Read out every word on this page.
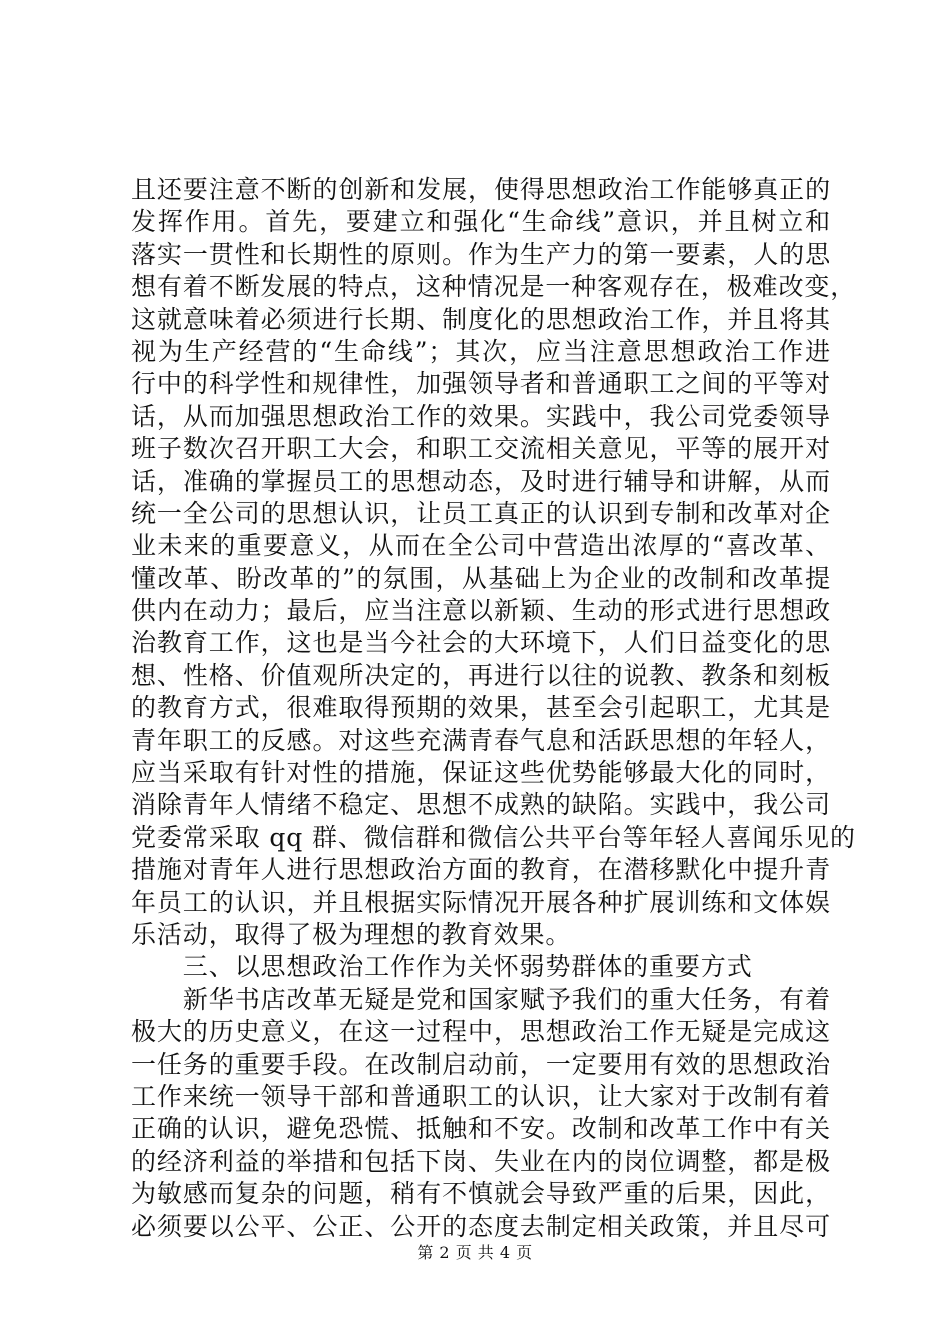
且还要注意不断的创新和发展，使得思想政治工作能够真正的
发挥作用。首先，要建立和强化“生命线”意识，并且树立和
落实一贯性和长期性的原则。作为生产力的第一要素，人的思
想有着不断发展的特点，这种情况是一种客观存在，极难改变，
这就意味着必须进行长期、制度化的思想政治工作，并且将其
视为生产经营的“生命线”；其次，应当注意思想政治工作进
行中的科学性和规律性，加强领导者和普通职工之间的平等对
话，从而加强思想政治工作的效果。实践中，我公司党委领导
班子数次召开职工大会，和职工交流相关意见，平等的展开对
话，准确的掌握员工的思想动态，及时进行辅导和讲解，从而
统一全公司的思想认识，让员工真正的认识到专制和改革对企
业未来的重要意义，从而在全公司中营造出浓厚的“喜改革、
懂改革、盼改革的”的氛围，从基础上为企业的改制和改革提
供内在动力；最后，应当注意以新颖、生动的形式进行思想政
治教育工作，这也是当今社会的大环境下，人们日益变化的思
想、性格、价值观所决定的，再进行以往的说教、教条和刻板
的教育方式，很难取得预期的效果，甚至会引起职工，尤其是
青年职工的反感。对这些充满青春气息和活跃思想的年轻人，
应当采取有针对性的措施，保证这些优势能够最大化的同时，
消除青年人情绪不稳定、思想不成熟的缺陷。实践中，我公司
党委常采取 qq 群、微信群和微信公共平台等年轻人喜闻乐见的
措施对青年人进行思想政治方面的教育，在潜移默化中提升青
年员工的认识，并且根据实际情况开展各种扩展训练和文体娱
乐活动，取得了极为理想的教育效果。
　　三、以思想政治工作作为关怀弱势群体的重要方式
　　新华书店改革无疑是党和国家赋予我们的重大任务，有着
极大的历史意义，在这一过程中，思想政治工作无疑是完成这
一任务的重要手段。在改制启动前，一定要用有效的思想政治
工作来统一领导干部和普通职工的认识，让大家对于改制有着
正确的认识，避免恐慌、抵触和不安。改制和改革工作中有关
的经济利益的举措和包括下岗、失业在内的岗位调整，都是极
为敏感而复杂的问题，稍有不慎就会导致严重的后果，因此，
必须要以公平、公正、公开的态度去制定相关政策，并且尽可
第 2 页 共 4 页
